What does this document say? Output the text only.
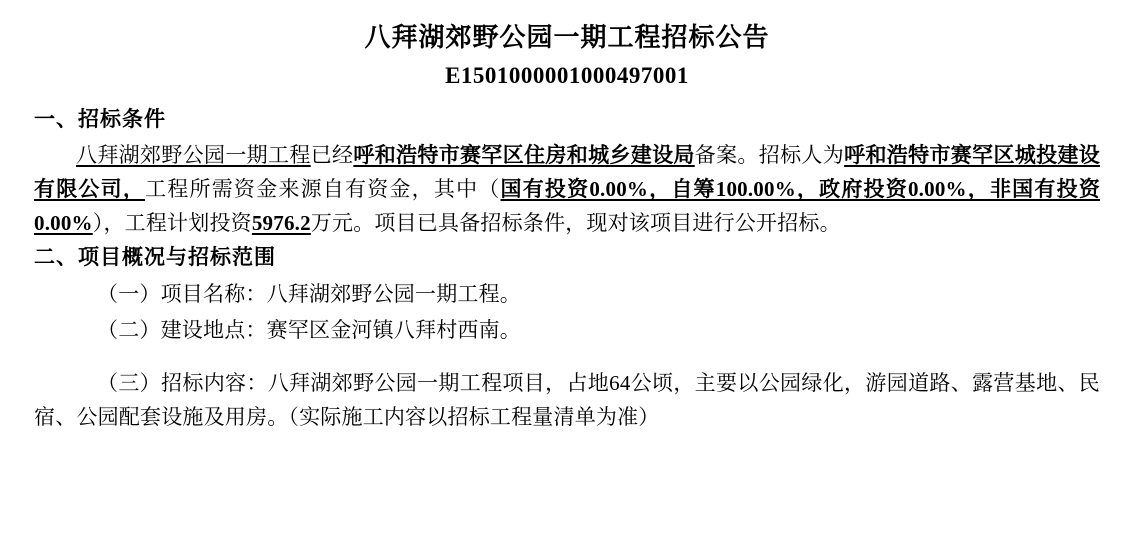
八拜湖郊野公园一期工程招标公告
E1501000001000497001
一、招标条件

八拜湖郊野公园一期工程已经呼和浩特市赛罕区住房和城乡建设局备案。招标人为呼和浩特市赛罕区城投建设有限公司，工程所需资金来源自有资金，其中（国有投资0.00%，自筹100.00%，政府投资0.00%，非国有投资0.00%），工程计划投资5976.2万元。项目已具备招标条件，现对该项目进行公开招标。

二、项目概况与招标范围

（一）项目名称：八拜湖郊野公园一期工程。

（二）建设地点：赛罕区金河镇八拜村西南。

（三）招标内容：八拜湖郊野公园一期工程项目，占地64公顷，主要以公园绿化，游园道路、露营基地、民宿、公园配套设施及用房。（实际施工内容以招标工程量清单为准）
